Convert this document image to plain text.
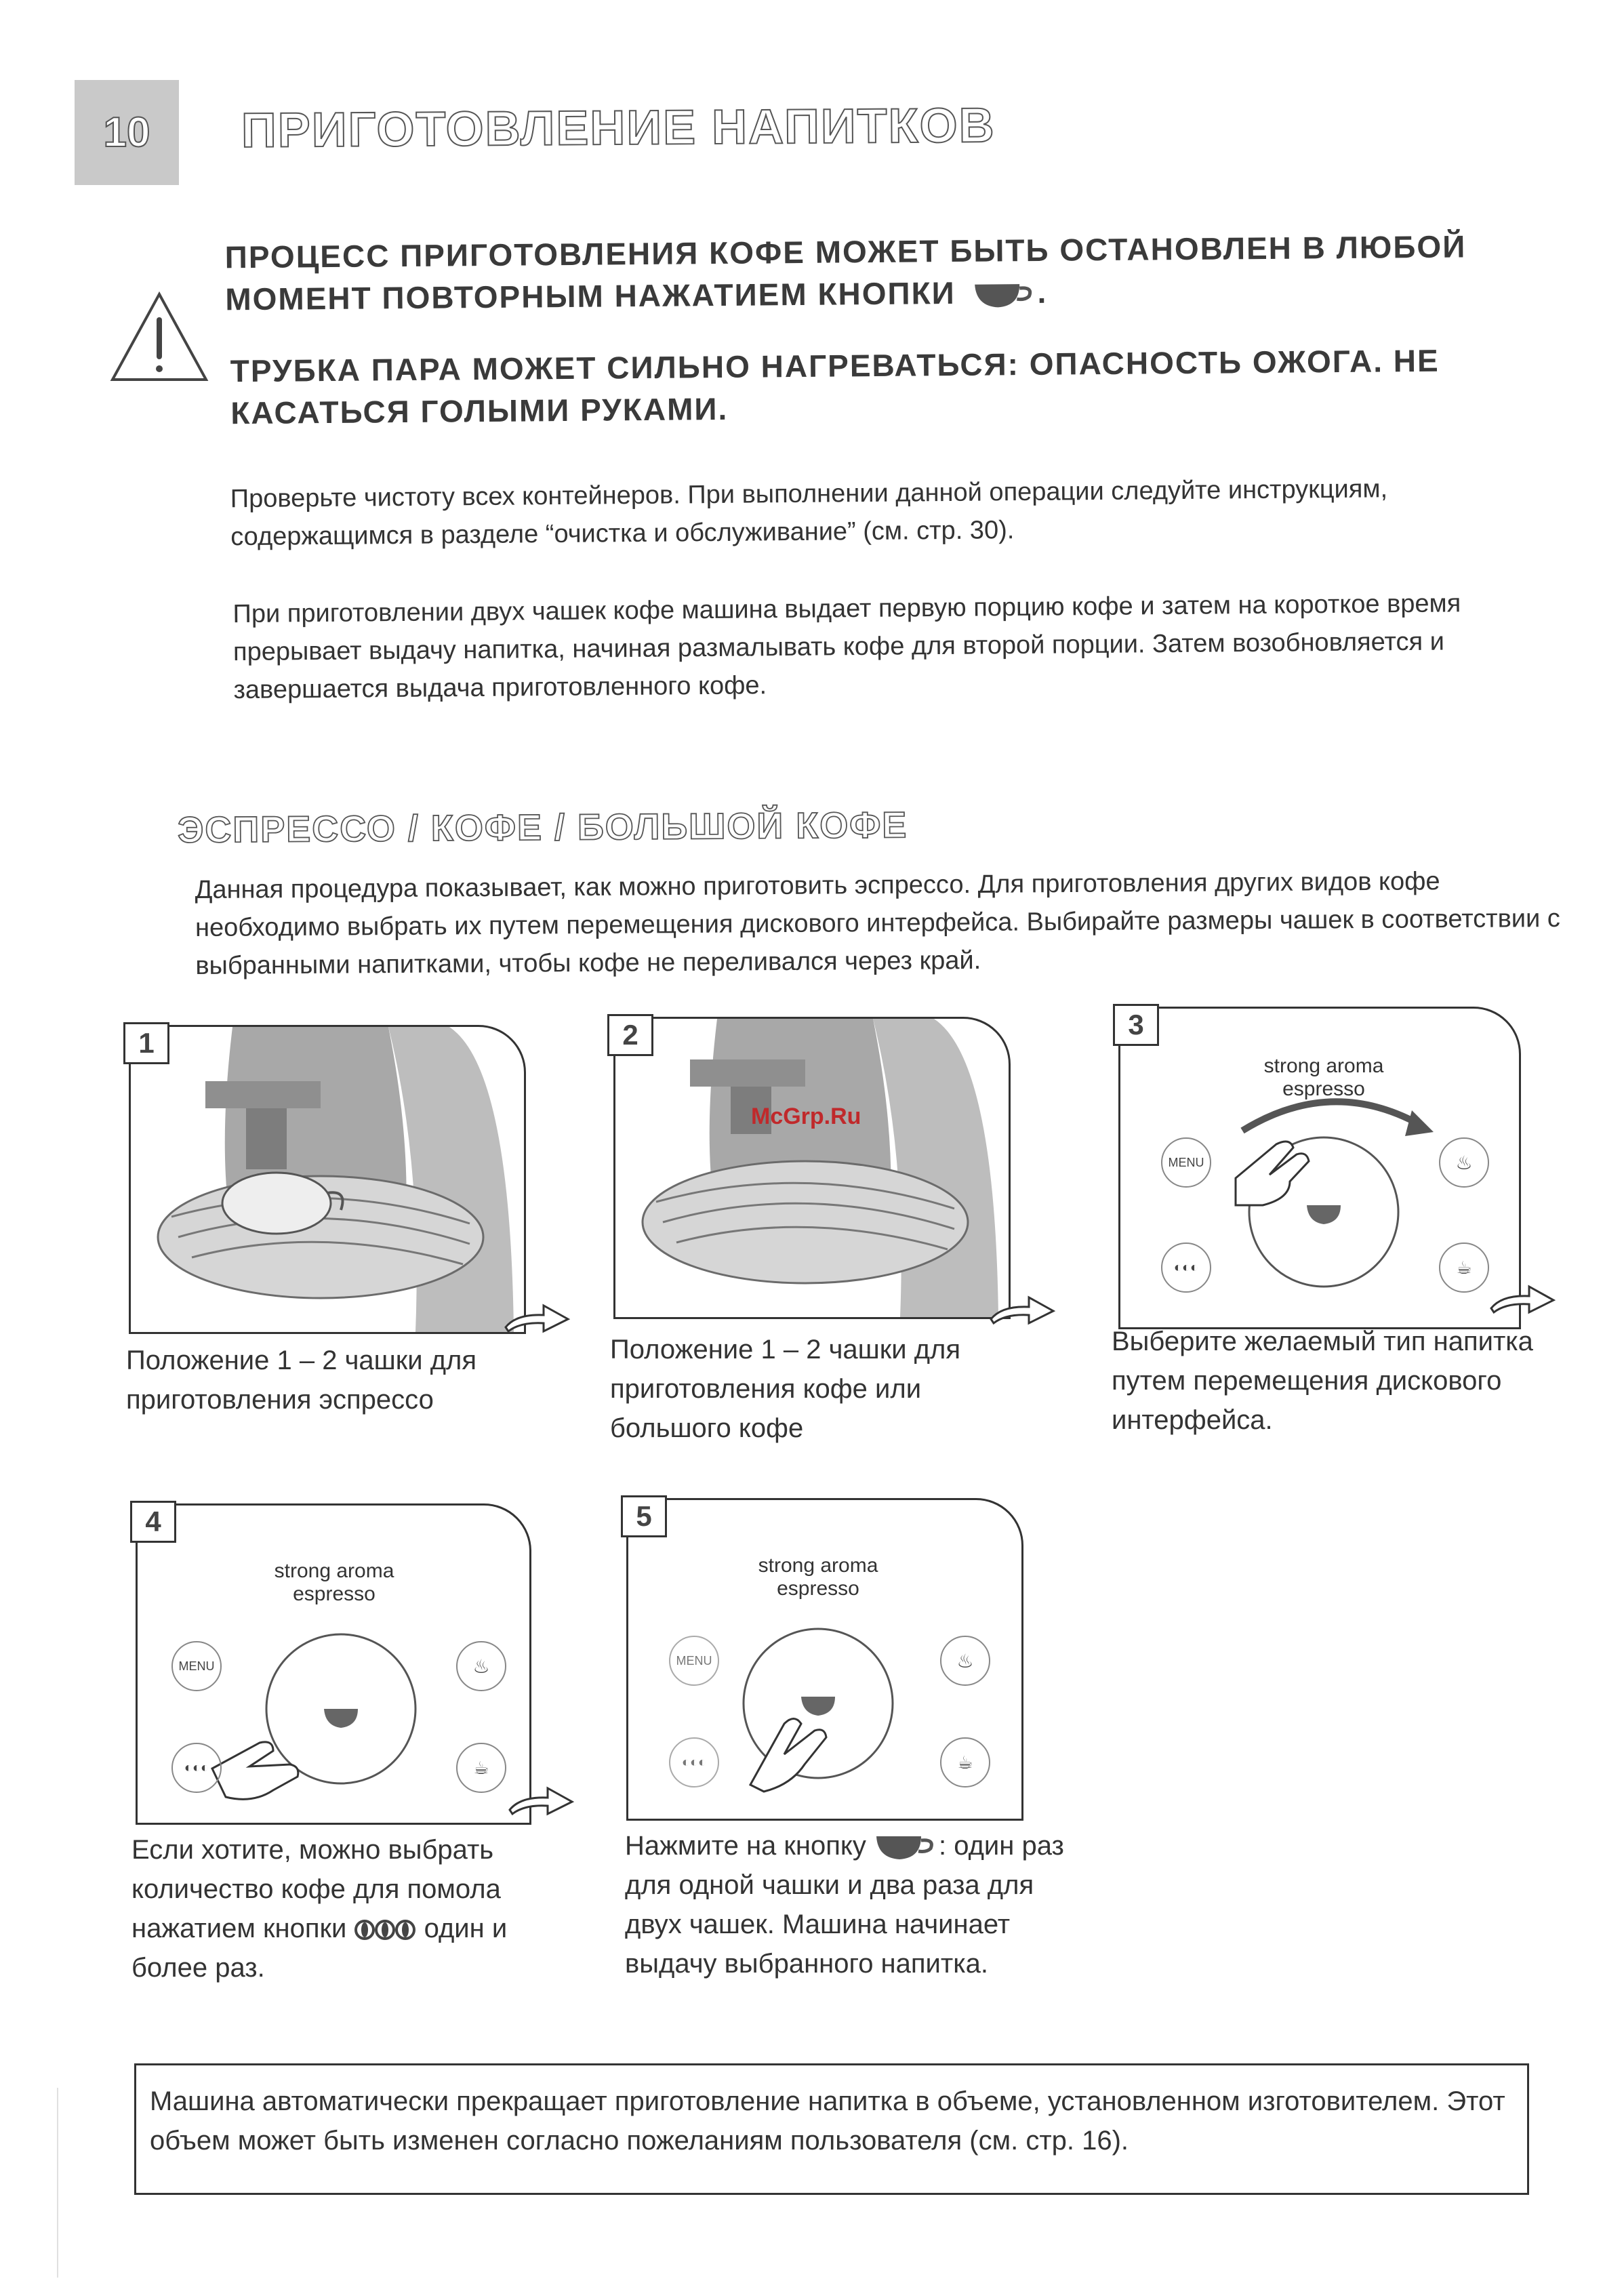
10	ПРИГОТОВЛЕНИЕ НАПИТКОВ
ПРОЦЕСС ПРИГОТОВЛЕНИЯ КОФЕ МОЖЕТ БЫТЬ ОСТАНОВЛЕН В ЛЮБОЙ МОМЕНТ ПОВТОРНЫМ НАЖАТИЕМ КНОПКИ	.
ТРУБКА ПАРА МОЖЕТ СИЛЬНО НАГРЕВАТЬСЯ: ОПАСНОСТЬ ОЖОГА. НЕ КАСАТЬСЯ ГОЛЫМИ РУКАМИ.
Проверьте чистоту всех контейнеров. При выполнении данной операции следуйте инструкциям, содержащимся в разделе “очистка и обслуживание” (см. стр. 30).
При приготовлении двух чашек кофе машина выдает первую порцию кофе и затем на короткое время прерывает выдачу напитка, начиная размалывать кофе для второй порции. Затем возобновляется и завершается выдача приготовленного кофе.
ЭСПРЕССО / КОФЕ / БОЛЬШОЙ КОФЕ
Данная процедура показывает, как можно приготовить эспрессо. Для приготовления других видов кофе необходимо выбрать их путем перемещения дискового интерфейса. Выбирайте размеры чашек в соответствии с выбранными напитками, чтобы кофе не переливался через край.
1
Положение 1 – 2 чашки для приготовления эспрессо
2
McGrp.Ru
Положение 1 – 2 чашки для приготовления кофе или большого кофе
strong aroma
espresso
MENU
◐◐◐
♨
☕
3
Выберите желаемый тип напитка путем перемещения дискового интерфейса.
strong aroma
espresso
MENU
◐◐◐
♨
☕
4
Если хотите, можно выбрать количество кофе для помола нажатием кнопки	один и более раз.
strong aroma
espresso
MENU
◐◐◐
♨
☕
5
Нажмите на кнопку	: один раз для одной чашки и два раза для двух чашек. Машина начинает выдачу выбранного напитка.
Машина автоматически прекращает приготовление напитка в объеме, установленном изготовителем. Этот объем может быть изменен согласно пожеланиям пользователя (см. стр. 16).
